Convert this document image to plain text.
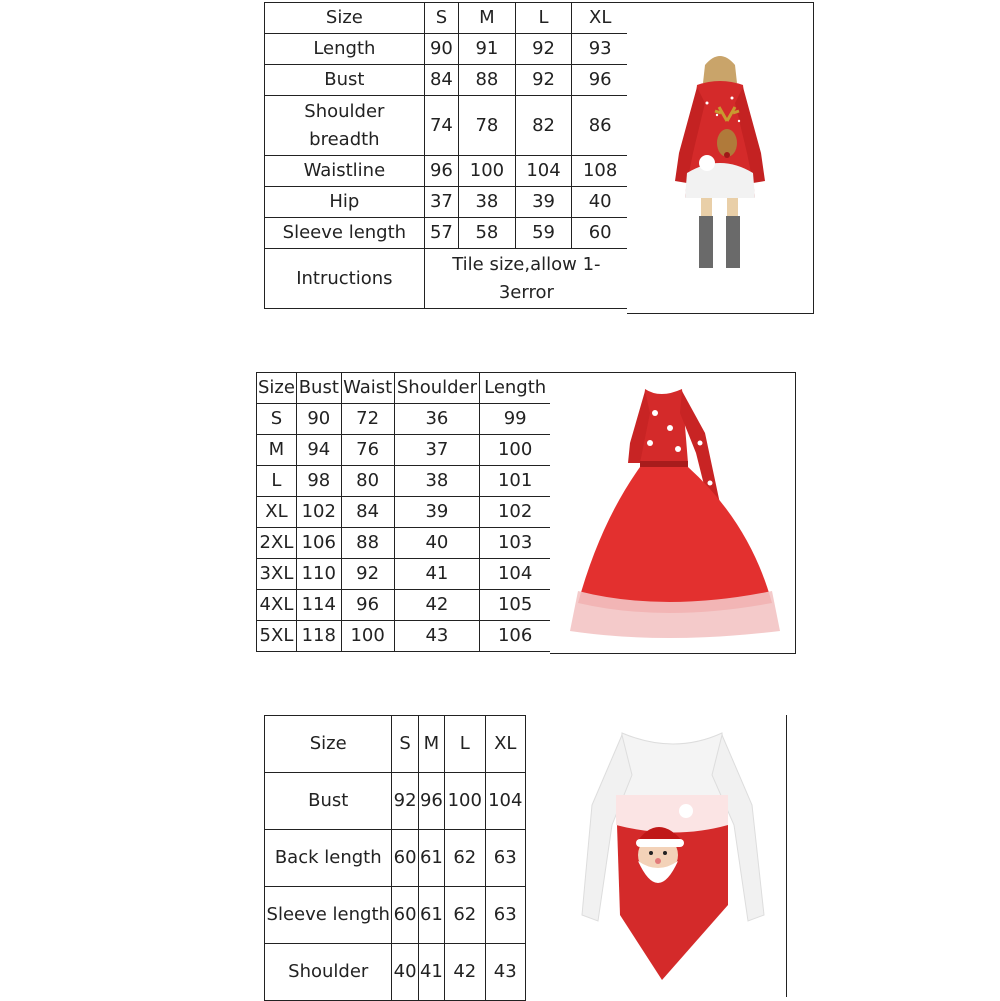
Size	S	M	L	XL
Length	90	91	92	93
Bust	84	88	92	96
Shoulder breadth	74	78	82	86
Waistline	96	100	104	108
Hip	37	38	39	40
Sleeve length	57	58	59	60
Intructions	Tile size,allow 1-3error			
Size	Bust	Waist	Shoulder	Length
S	90	72	36	99
M	94	76	37	100
L	98	80	38	101
XL	102	84	39	102
2XL	106	88	40	103
3XL	110	92	41	104
4XL	114	96	42	105
5XL	118	100	43	106
Size	S	M	L	XL
Bust	92	96	100	104
Back length	60	61	62	63
Sleeve length	60	61	62	63
Shoulder	40	41	42	43
